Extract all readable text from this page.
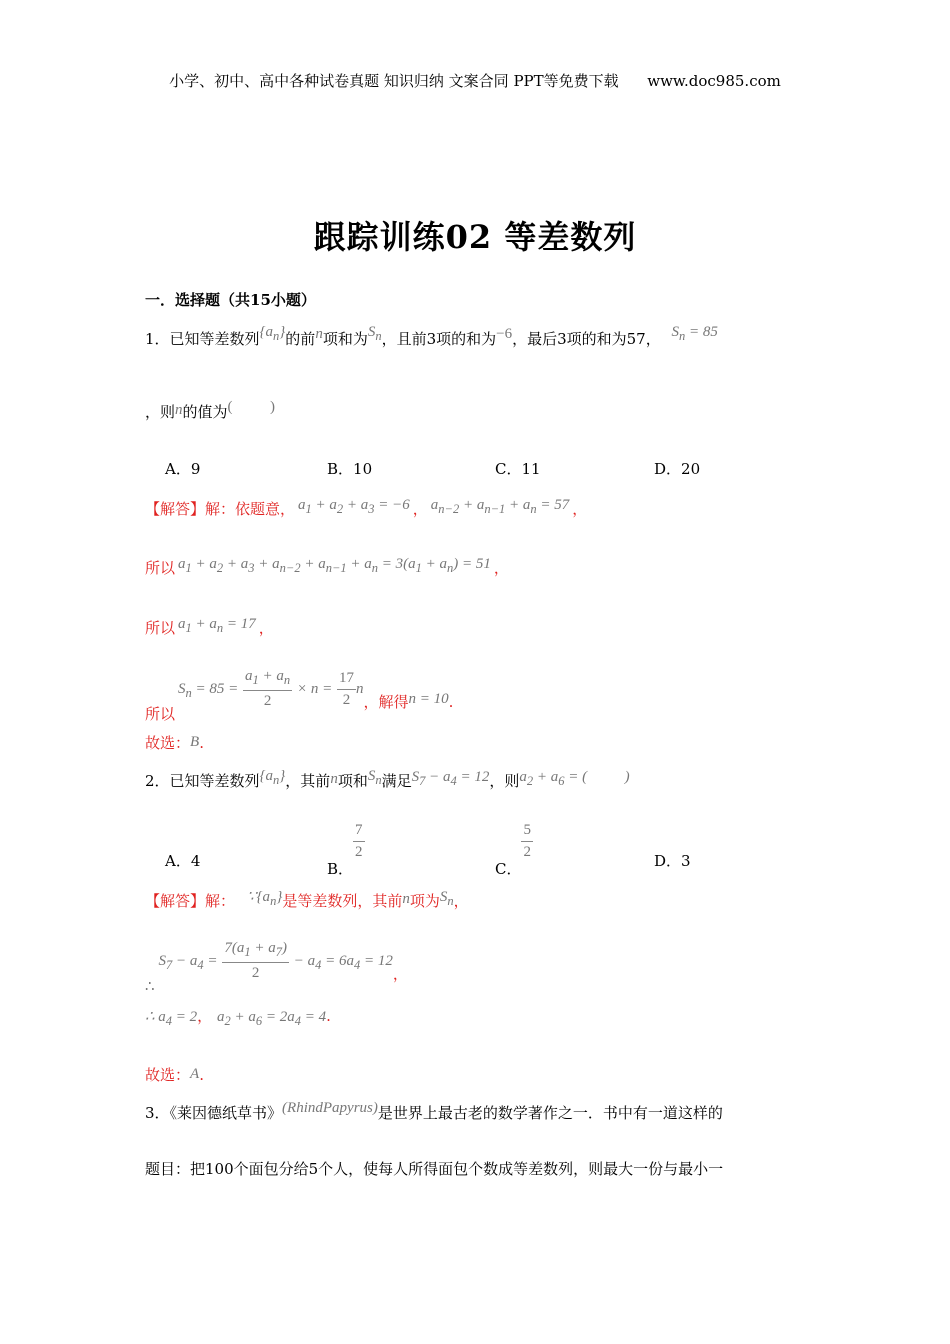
小学、初中、高中各种试卷真题 知识归纳 文案合同 PPT等免费下载 www.doc985.com
跟踪训练02 等差数列
一．选择题（共15小题）
1．已知等差数列$\{a_n\}$的前n项和为$S_n$，且前3项的和为−6，最后3项的和为57， $S_n = 85$
，则n的值为(          )
A．9	B．10	C．11	D．20
【解答】解：依题意， $a_1 + a_2 + a_3 = -6$ ， $a_{n-2} + a_{n-1} + a_n = 57$ ，
所以 $a_1 + a_2 + a_3 + a_{n-2} + a_{n-1} + a_n = 3(a_1 + a_n) = 51$ ，
所以 $a_1 + a_n = 17$ ，
所以$S_n = 85 = \frac{a_1 + a_n}{2} \times n = \frac{17}{2}$ n，解得n = 10.
故选：B.
2．已知等差数列$\{a_n\}$，其前n项和$S_n$满足$S_7 - a_4 = 12$，则$a_2 + a_6$ = (          )
A．4	B．
$\frac{7}{2}$
C．
$\frac{5}{2}$	D．3
【解答】解： $\because\{a_n\}$是等差数列，其前n项为$S_n$，
$\therefore S_7 - a_4 = \frac{7(a_1 + a_7)}{2} - a_4 = 6a_4 = 12$，
∴ $a_4 = 2$， $a_2 + a_6 = 2a_4 = 4$.
故选：A.
3．《莱因德纸草书》(RhindPapyrus)是世界上最古老的数学著作之一．书中有一道这样的
题目：把100个面包分给5个人，使每人所得面包个数成等差数列，则最大一份与最小一
